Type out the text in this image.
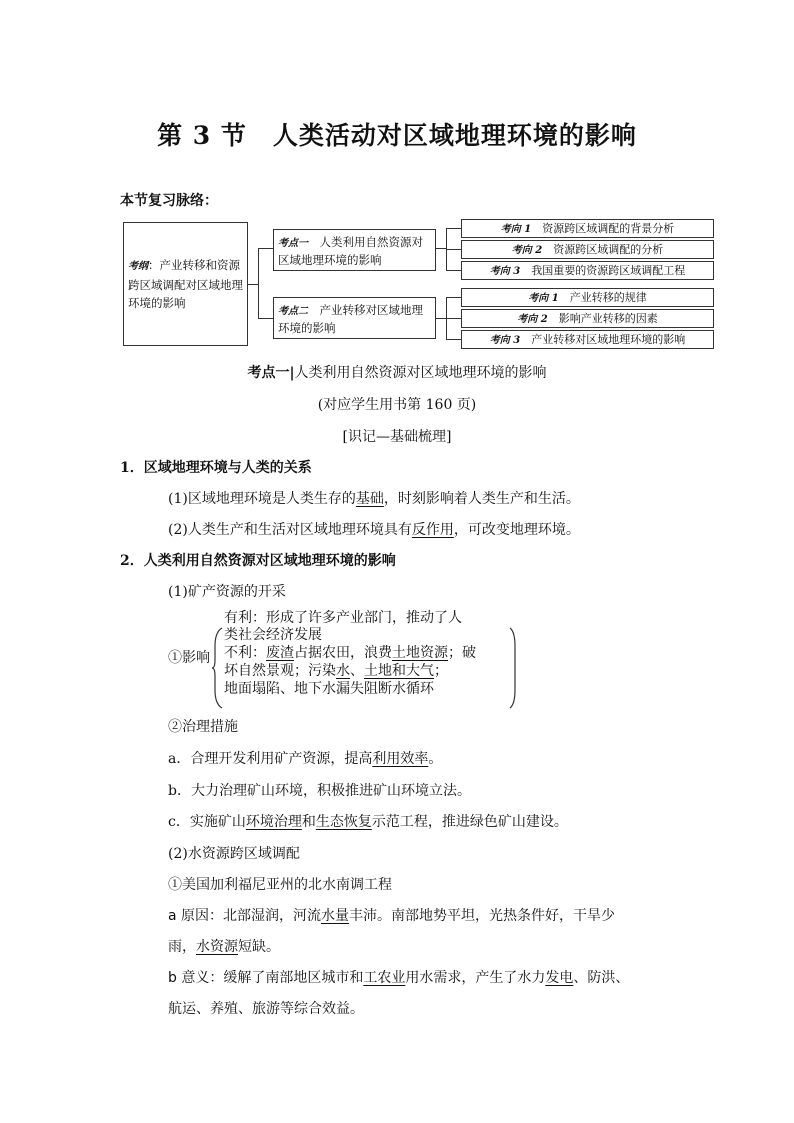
第 3 节　人类活动对区域地理环境的影响
本节复习脉络：
考纲：产业转移和资源跨区域调配对区域地理环境的影响
考点一　 人类利用自然资源对区域地理环境的影响
考点二　 产业转移对区域地理环境的影响
考向 1　 资源跨区域调配的背景分析
考向 2　 资源跨区域调配的分析
考向 3　 我国重要的资源跨区域调配工程
考向 1　 产业转移的规律
考向 2　 影响产业转移的因素
考向 3　 产业转移对区域地理环境的影响
考点一|人类利用自然资源对区域地理环境的影响
(对应学生用书第 160 页)
[识记—基础梳理]
1．区域地理环境与人类的关系
(1)区域地理环境是人类生存的基础，时刻影响着人类生产和生活。
(2)人类生产和生活对区域地理环境具有反作用，可改变地理环境。
2．人类利用自然资源对区域地理环境的影响
(1)矿产资源的开采
①影响
有利：形成了许多产业部门，推动了人
类社会经济发展
不利：废渣占据农田，浪费土地资源；破
坏自然景观；污染水、土地和大气；
地面塌陷、地下水漏失阻断水循环
②治理措施
a．合理开发利用矿产资源，提高利用效率。
b．大力治理矿山环境，积极推进矿山环境立法。
c．实施矿山环境治理和生态恢复示范工程，推进绿色矿山建设。
(2)水资源跨区域调配
①美国加利福尼亚州的北水南调工程
a 原因：北部湿润，河流水量丰沛。南部地势平坦，光热条件好，干旱少
雨，水资源短缺。
b 意义：缓解了南部地区城市和工农业用水需求，产生了水力发电、防洪、
航运、养殖、旅游等综合效益。
